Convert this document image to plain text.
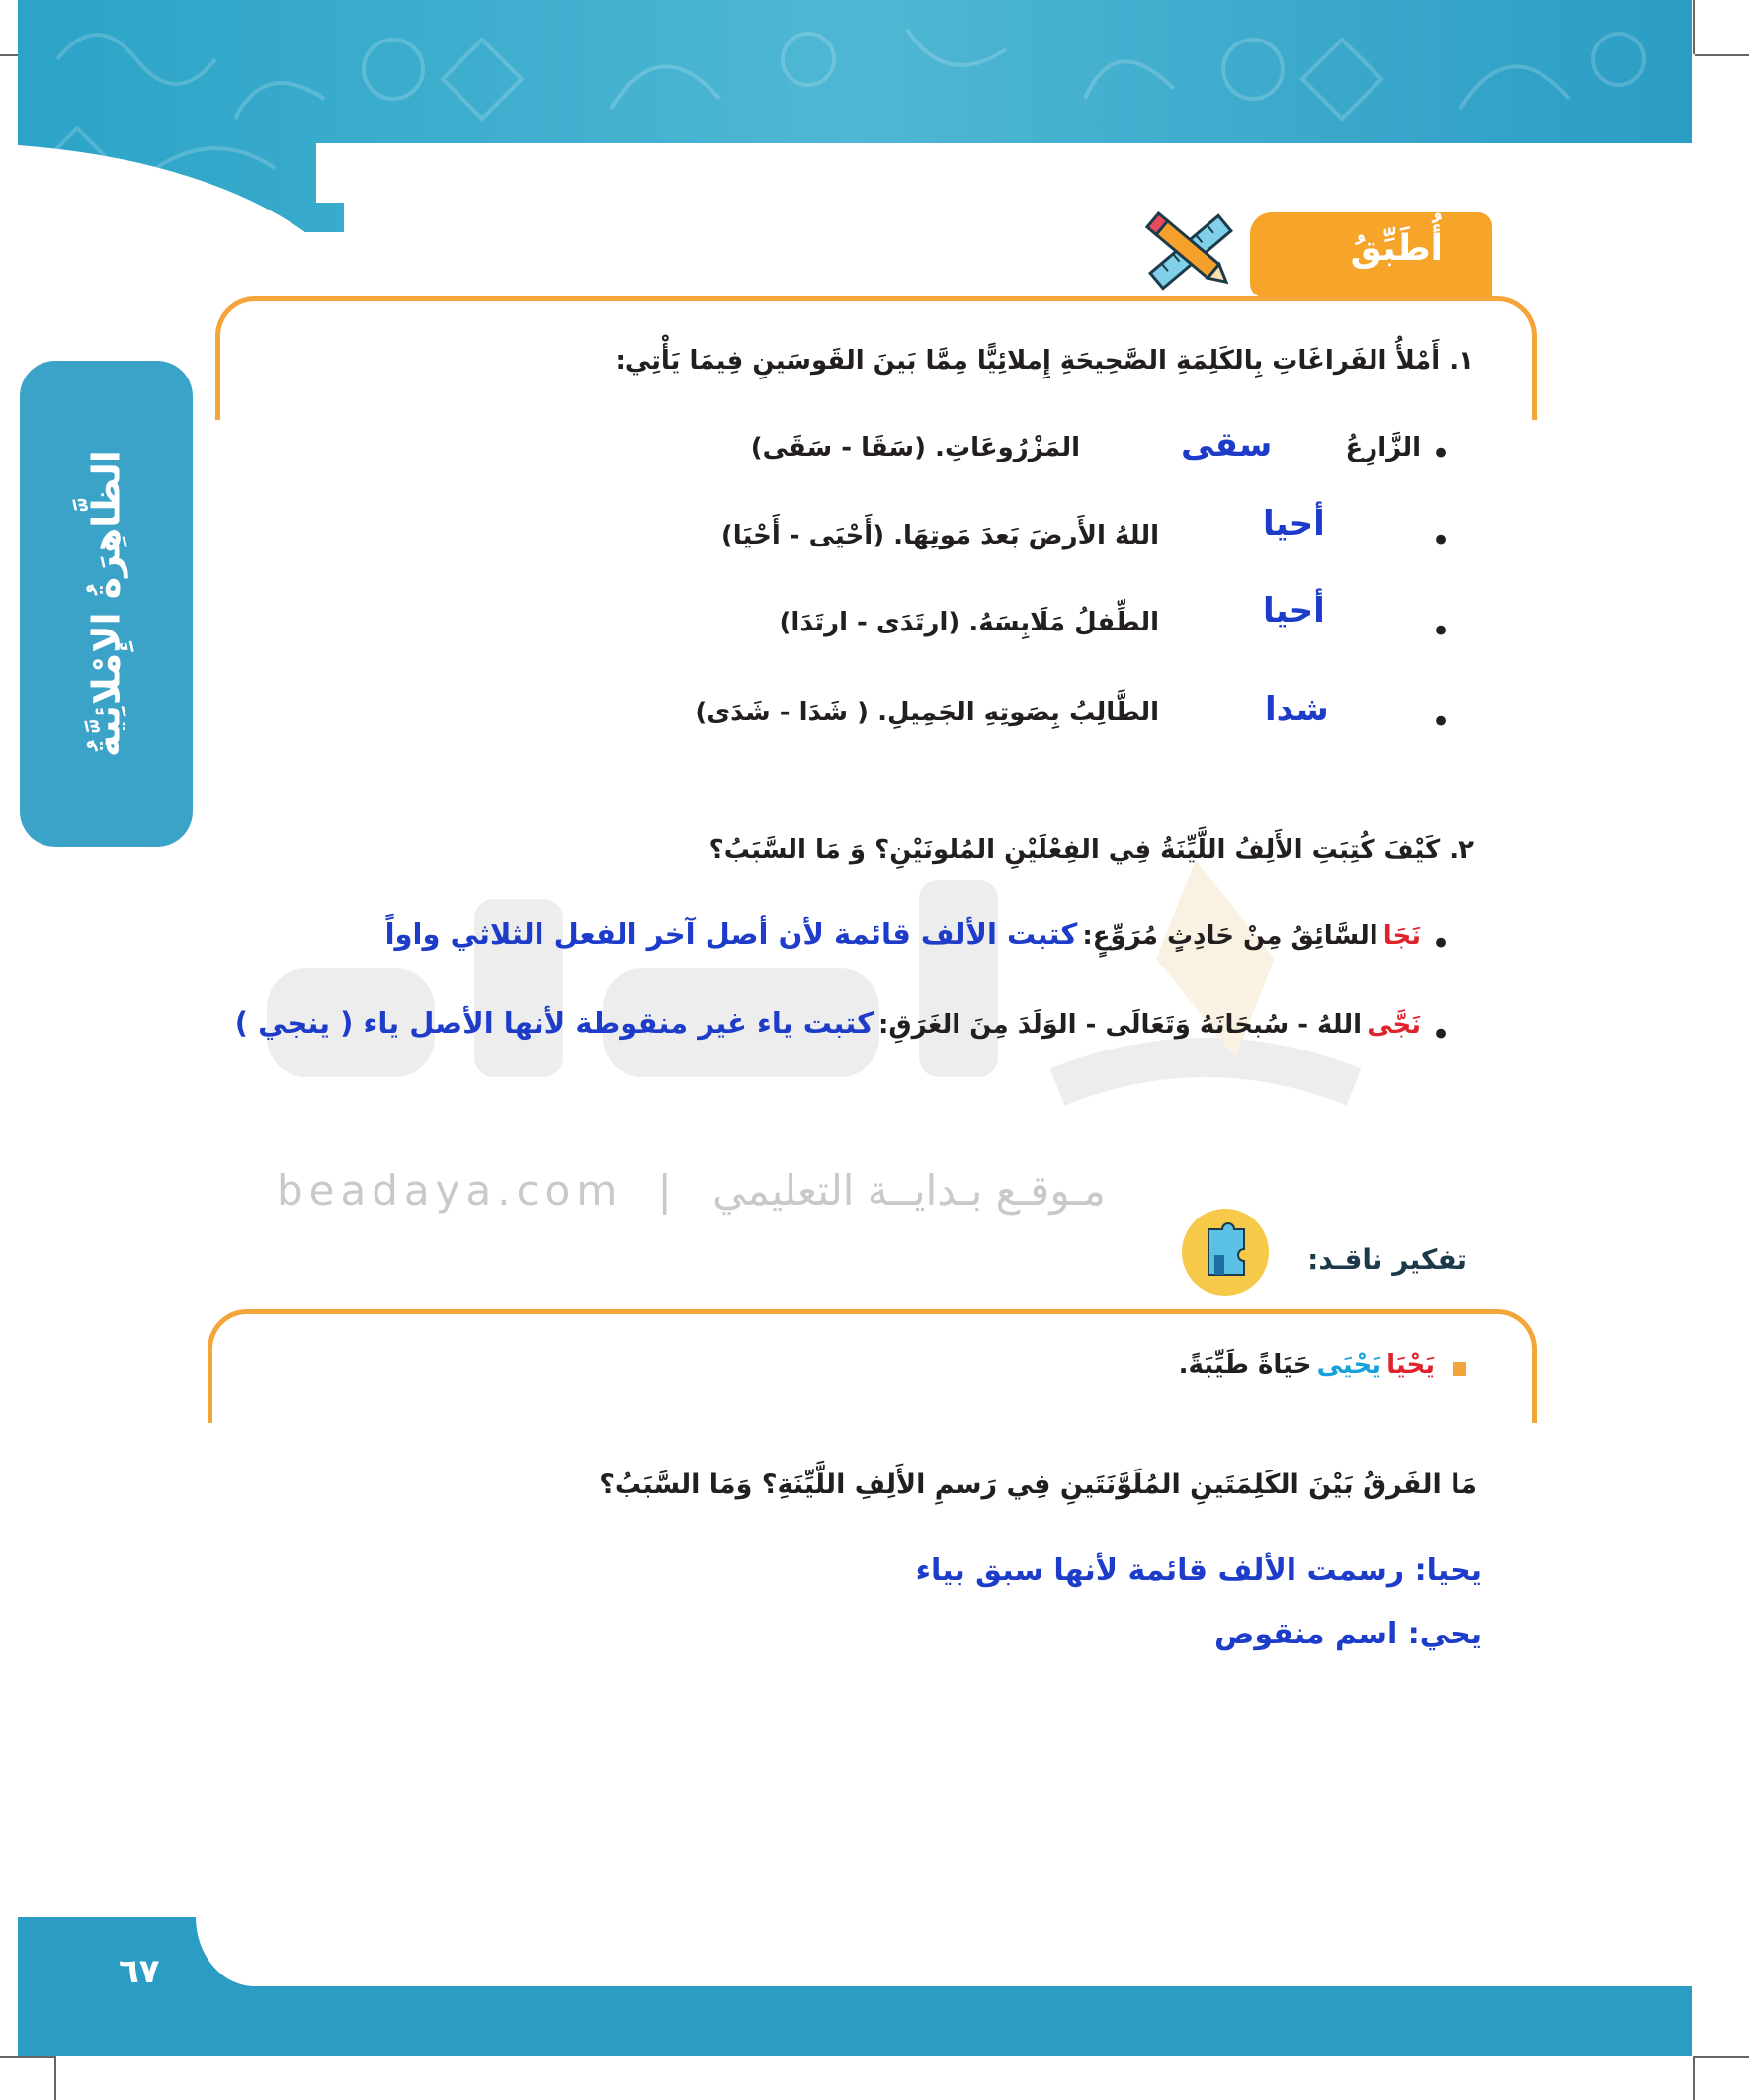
أُطَبِّقُ
الظَّاهِرَةُ الإِمْلائِيَّةُ
١. أَمْلأُ الفَراغَاتِ بِالكَلِمَةِ الصَّحِيحَةِ إِملائِيًّا مِمَّا بَينَ القَوسَينِ فِيمَا يَأْتِي:
•
الزَّارِعُ
سقى
المَزْرُوعَاتِ. (سَقَا - سَقَى)
•
أحيا
اللهُ الأَرضَ بَعدَ مَوتِهَا. (أَحْيَى - أَحْيَا)
•
أحيا
الطِّفلُ مَلَابِسَهُ. (ارتَدَى - ارتَدَا)
•
شدا
الطَّالِبُ بِصَوتِهِ الجَمِيلِ. ( شَدَا - شَدَى)
٢. كَيْفَ كُتِبَتِ الأَلِفُ اللَّيِّنَةُ فِي الفِعْلَيْنِ المُلونَيْنِ؟ وَ مَا السَّبَبُ؟
•
نَجَا السَّائِقُ مِنْ حَادِثٍ مُرَوِّعٍ: كتبت الألف قائمة لأن أصل آخر الفعل الثلاثي واواً
•
نَجَّى اللهُ - سُبحَانَهُ وَتَعَالَى - الوَلَدَ مِنَ الغَرَقِ: كتبت ياء غير منقوطة لأنها الأصل ياء ( ينجي )
beadaya.com | مـوقـع بـدايــة التعليمي
تفكير ناقـد:
يَحْيَا يَحْيَى حَيَاةً طَيِّبَةً.
مَا الفَرقُ بَيْنَ الكَلِمَتَينِ المُلَوَّنَتَينِ فِي رَسمِ الأَلِفِ اللَّيِّنَةِ؟ وَمَا السَّبَبُ؟
يحيا: رسمت الألف قائمة لأنها سبق بياء
يحي: اسم منقوص
٦٧
